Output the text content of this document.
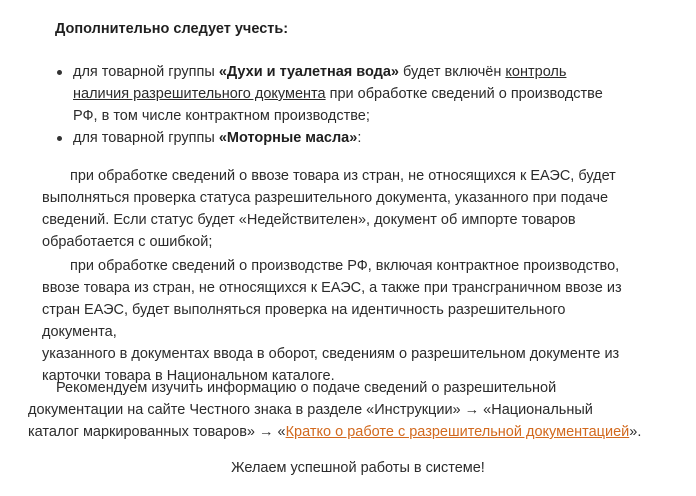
Дополнительно следует учесть:
для товарной группы «Духи и туалетная вода» будет включён контроль
наличия разрешительного документа при обработке сведений о производстве
РФ, в том числе контрактном производстве;
для товарной группы «Моторные масла»:
при обработке сведений о ввозе товара из стран, не относящихся к ЕАЭС, будет
выполняться проверка статуса разрешительного документа, указанного при подаче
сведений. Если статус будет «Недействителен», документ об импорте товаров
обработается с ошибкой;
при обработке сведений о производстве РФ, включая контрактное производство,
ввозе товара из стран, не относящихся к ЕАЭС, а также при трансграничном ввозе из
стран ЕАЭС, будет выполняться проверка на идентичность разрешительного документа,
указанного в документах ввода в оборот, сведениям о разрешительном документе из
карточки товара в Национальном каталоге.
Рекомендуем изучить информацию о подаче сведений о разрешительной
документации на сайте Честного знака в разделе «Инструкции» → «Национальный
каталог маркированных товаров» → «Кратко о работе с разрешительной документацией».
Желаем успешной работы в системе!
